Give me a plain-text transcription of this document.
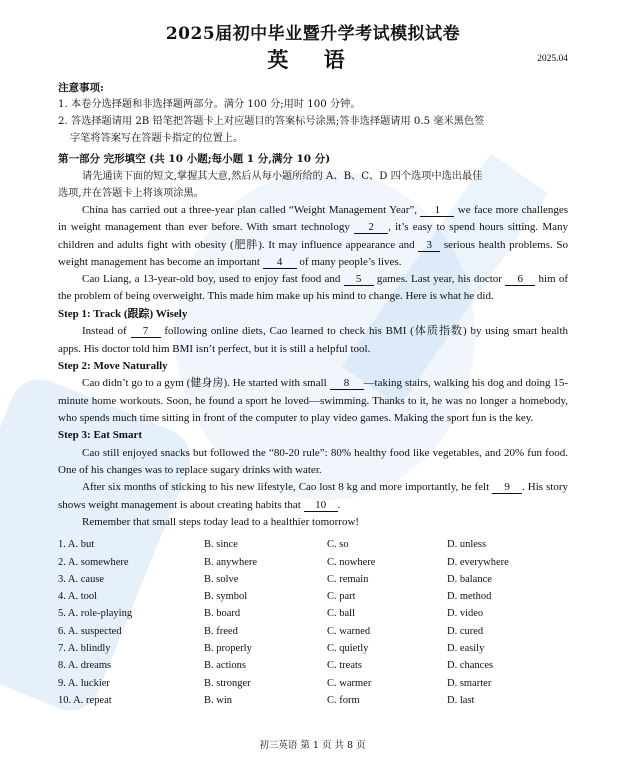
2025届初中毕业暨升学考试模拟试卷
英 语	2025.04
注意事项:
1. 本卷分选择题和非选择题两部分。满分 100 分;用时 100 分钟。
2. 答选择题请用 2B 铅笔把答题卡上对应题目的答案标号涂黑;答非选择题请用 0.5 毫米黑色签
字笔将答案写在答题卡指定的位置上。
第一部分 完形填空 (共 10 小题;每小题 1 分,满分 10 分)
请先通读下面的短文,掌握其大意,然后从每小题所给的 A、B、C、D 四个选项中选出最佳
选项,并在答题卡上将该项涂黑。

China has carried out a three-year plan called “Weight Management Year”, 1 we face more challenges in weight management than ever before. With smart technology 2 , it’s easy to spend hours sitting. Many children and adults fight with obesity (肥胖). It may influence appearance and 3 serious health problems. So weight management has become an important 4 of many people’s lives.

Cao Liang, a 13-year-old boy, used to enjoy fast food and 5 games. Last year, his doctor 6 him of the problem of being overweight. This made him make up his mind to change. Here is what he did.

Step 1: Track (跟踪) Wisely

Instead of 7 following online diets, Cao learned to check his BMI (体质指数) by using smart health apps. His doctor told him BMI isn’t perfect, but it is still a helpful tool.

Step 2: Move Naturally

Cao didn’t go to a gym (健身房). He started with small 8 —taking stairs, walking his dog and doing 15-minute home workouts. Soon, he found a sport he loved—swimming. Thanks to it, he was no longer a homebody, who spends much time sitting in front of the computer to play video games. Making the sport fun is the key.

Step 3: Eat Smart

Cao still enjoyed snacks but followed the “80-20 rule”: 80% healthy food like vegetables, and 20% fun food. One of his changes was to replace sugary drinks with water.

After six months of sticking to his new lifestyle, Cao lost 8 kg and more importantly, he felt 9 . His story shows weight management is about creating habits that 10 .

Remember that small steps today lead to a healthier tomorrow!

1. A. but	B. since	C. so	D. unless
2. A. somewhere	B. anywhere	C. nowhere	D. everywhere
3. A. cause	B. solve	C. remain	D. balance
4. A. tool	B. symbol	C. part	D. method
5. A. role-playing	B. board	C. ball	D. video
6. A. suspected	B. freed	C. warned	D. cured
7. A. blindly	B. properly	C. quietly	D. easily
8. A. dreams	B. actions	C. treats	D. chances
9. A. luckier	B. stronger	C. warmer	D. smarter
10. A. repeat	B. win	C. form	D. last
初三英语 第 1 页 共 8 页
